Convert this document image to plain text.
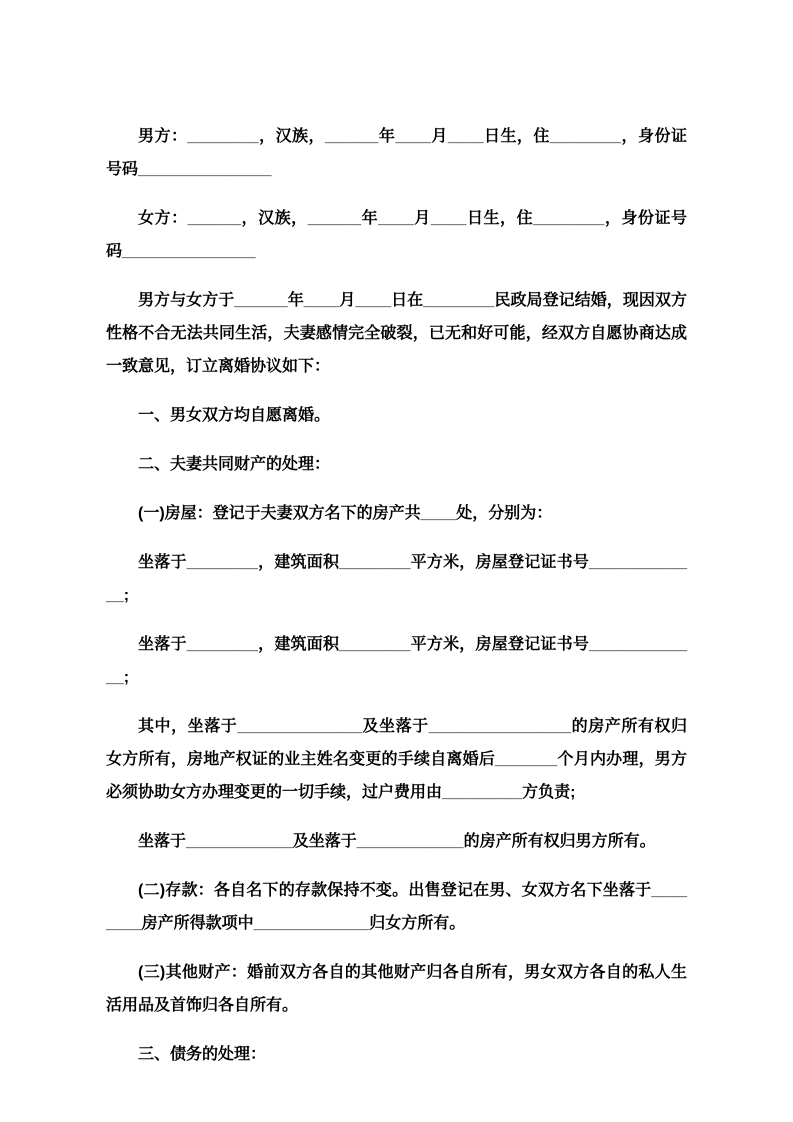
男方：________，汉族，______年____月____日生，住________，身份证号码_______________

女方：______，汉族，______年____月____日生，住________，身份证号码_______________

男方与女方于______年____月____日在________民政局登记结婚，现因双方性格不合无法共同生活，夫妻感情完全破裂，已无和好可能，经双方自愿协商达成一致意见，订立离婚协议如下：

一、男女双方均自愿离婚。

二、夫妻共同财产的处理：

(一)房屋：登记于夫妻双方名下的房产共____处，分别为：

坐落于________，建筑面积________平方米，房屋登记证书号_____________;

坐落于________，建筑面积________平方米，房屋登记证书号_____________;

其中，坐落于______________及坐落于________________的房产所有权归女方所有，房地产权证的业主姓名变更的手续自离婚后_______个月内办理，男方必须协助女方办理变更的一切手续，过户费用由_________方负责;

坐落于____________及坐落于____________的房产所有权归男方所有。

(二)存款：各自名下的存款保持不变。出售登记在男、女双方名下坐落于________房产所得款项中_____________归女方所有。

(三)其他财产：婚前双方各自的其他财产归各自所有，男女双方各自的私人生活用品及首饰归各自所有。

三、债务的处理：
